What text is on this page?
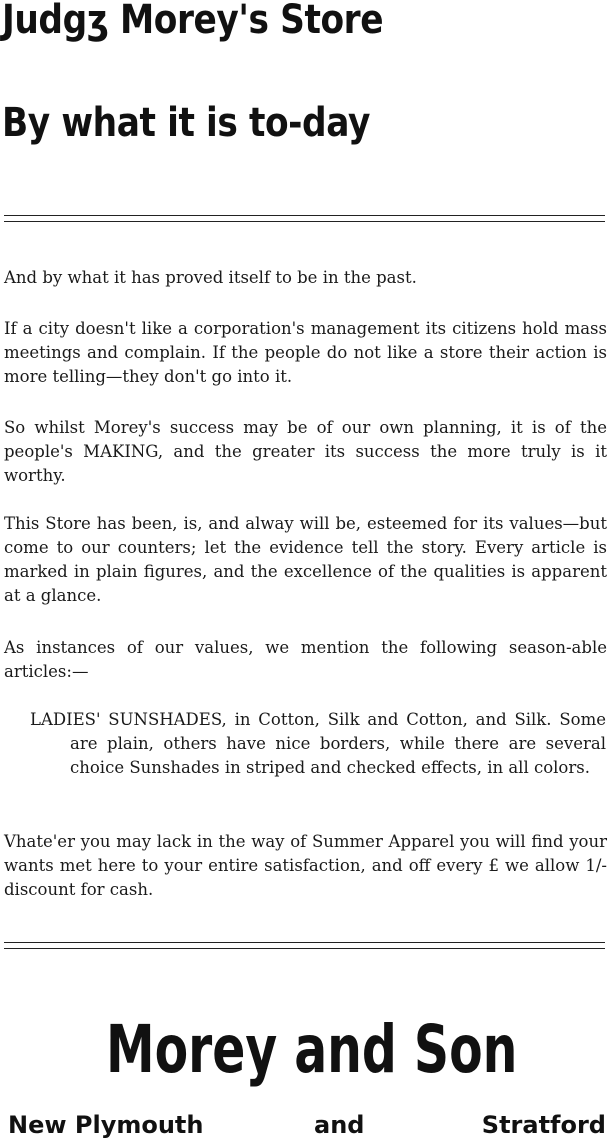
Judgʒ Morey's Store
By what it is to-day

And by what it has proved itself to be in the past.

If a city doesn't like a corporation's management its citizens hold mass meetings and complain. If the people do not like a store their action is more telling—they don't go into it.

So whilst Morey's success may be of our own planning, it is of the people's MAKING, and the greater its success the more truly is it worthy.

This Store has been, is, and alway will be, esteemed for its values—but come to our counters; let the evidence tell the story. Every article is marked in plain figures, and the excellence of the qualities is apparent at a glance.

As instances of our values, we mention the following season-able articles:—

LADIES' SUNSHADES, in Cotton, Silk and Cotton, and Silk. Some are plain, others have nice borders, while there are several choice Sunshades in striped and checked effects, in all colors.

Vhate'er you may lack in the way of Summer Apparel you will find your wants met here to your entire satisfaction, and off every £ we allow 1/- discount for cash.

Morey and Son
New Plymouth	and	Stratford
